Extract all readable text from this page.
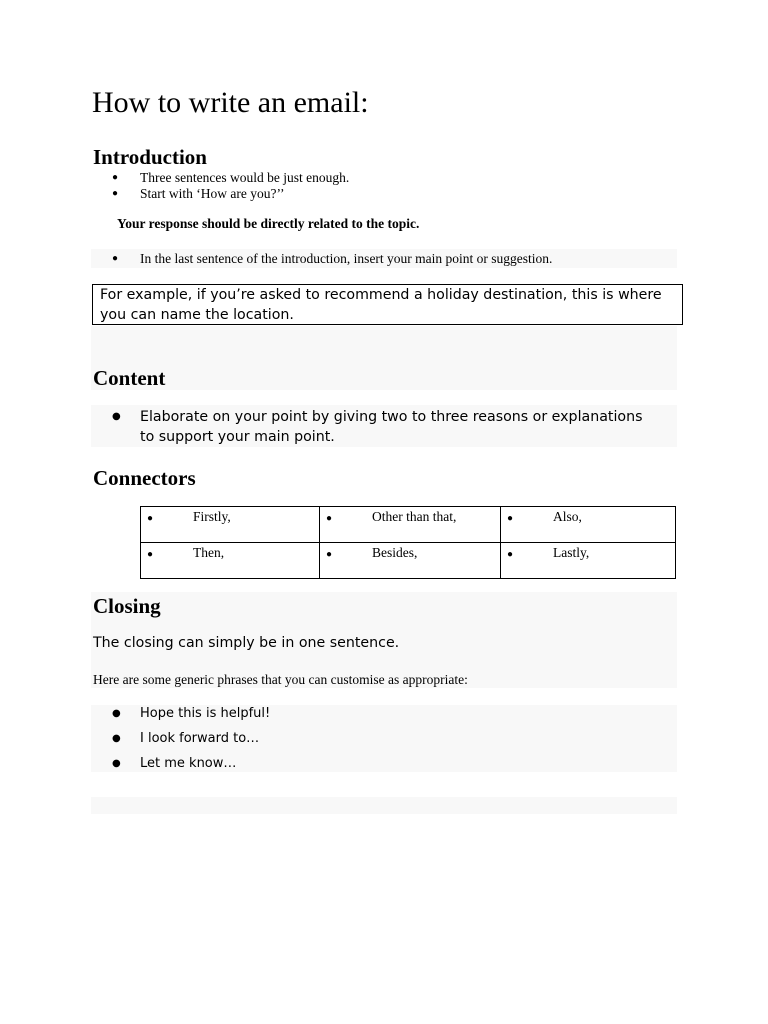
How to write an email:
Introduction
●	Three sentences would be just enough.
●	Start with ‘How are you?’’
Your response should be directly related to the topic.
●	In the last sentence of the introduction, insert your main point or suggestion.
For example, if you’re asked to recommend a holiday destination, this is where you can name the location.
Content
●	Elaborate on your point by giving two to three reasons or explanations to support your main point.
Connectors
● Firstly,	● Other than that,	● Also,
● Then,	● Besides,	● Lastly,
Closing
The closing can simply be in one sentence.
Here are some generic phrases that you can customise as appropriate:
●	Hope this is helpful!
●	I look forward to…
●	Let me know…
